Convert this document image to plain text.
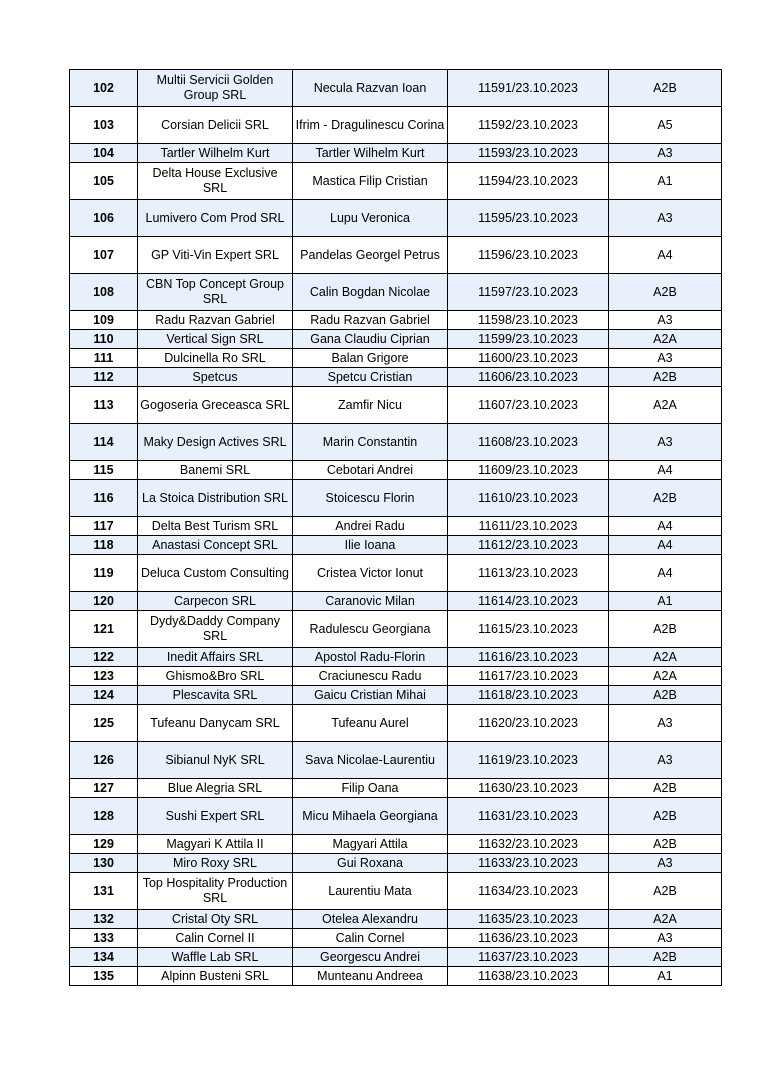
102	Multii Servicii Golden Group SRL	Necula Razvan Ioan	11591/23.10.2023	A2B
103	Corsian Delicii SRL	Ifrim - Dragulinescu Corina	11592/23.10.2023	A5
104	Tartler Wilhelm Kurt	Tartler Wilhelm Kurt	11593/23.10.2023	A3
105	Delta House Exclusive SRL	Mastica Filip Cristian	11594/23.10.2023	A1
106	Lumivero Com Prod SRL	Lupu Veronica	11595/23.10.2023	A3
107	GP Viti-Vin Expert SRL	Pandelas Georgel Petrus	11596/23.10.2023	A4
108	CBN Top Concept Group SRL	Calin Bogdan Nicolae	11597/23.10.2023	A2B
109	Radu Razvan Gabriel	Radu Razvan Gabriel	11598/23.10.2023	A3
110	Vertical Sign SRL	Gana Claudiu Ciprian	11599/23.10.2023	A2A
111	Dulcinella Ro SRL	Balan Grigore	11600/23.10.2023	A3
112	Spetcus	Spetcu Cristian	11606/23.10.2023	A2B
113	Gogoseria Greceasca SRL	Zamfir Nicu	11607/23.10.2023	A2A
114	Maky Design Actives SRL	Marin Constantin	11608/23.10.2023	A3
115	Banemi SRL	Cebotari Andrei	11609/23.10.2023	A4
116	La Stoica Distribution SRL	Stoicescu Florin	11610/23.10.2023	A2B
117	Delta Best Turism SRL	Andrei Radu	11611/23.10.2023	A4
118	Anastasi Concept SRL	Ilie Ioana	11612/23.10.2023	A4
119	Deluca Custom Consulting	Cristea Victor Ionut	11613/23.10.2023	A4
120	Carpecon SRL	Caranovic Milan	11614/23.10.2023	A1
121	Dydy&Daddy Company SRL	Radulescu Georgiana	11615/23.10.2023	A2B
122	Inedit Affairs SRL	Apostol Radu-Florin	11616/23.10.2023	A2A
123	Ghismo&Bro SRL	Craciunescu Radu	11617/23.10.2023	A2A
124	Plescavita SRL	Gaicu Cristian Mihai	11618/23.10.2023	A2B
125	Tufeanu Danycam SRL	Tufeanu Aurel	11620/23.10.2023	A3
126	Sibianul NyK SRL	Sava Nicolae-Laurentiu	11619/23.10.2023	A3
127	Blue Alegria SRL	Filip Oana	11630/23.10.2023	A2B
128	Sushi Expert SRL	Micu Mihaela Georgiana	11631/23.10.2023	A2B
129	Magyari K Attila II	Magyari Attila	11632/23.10.2023	A2B
130	Miro Roxy SRL	Gui Roxana	11633/23.10.2023	A3
131	Top Hospitality Production SRL	Laurentiu Mata	11634/23.10.2023	A2B
132	Cristal Oty SRL	Otelea Alexandru	11635/23.10.2023	A2A
133	Calin Cornel II	Calin Cornel	11636/23.10.2023	A3
134	Waffle Lab SRL	Georgescu Andrei	11637/23.10.2023	A2B
135	Alpinn Busteni SRL	Munteanu Andreea	11638/23.10.2023	A1
